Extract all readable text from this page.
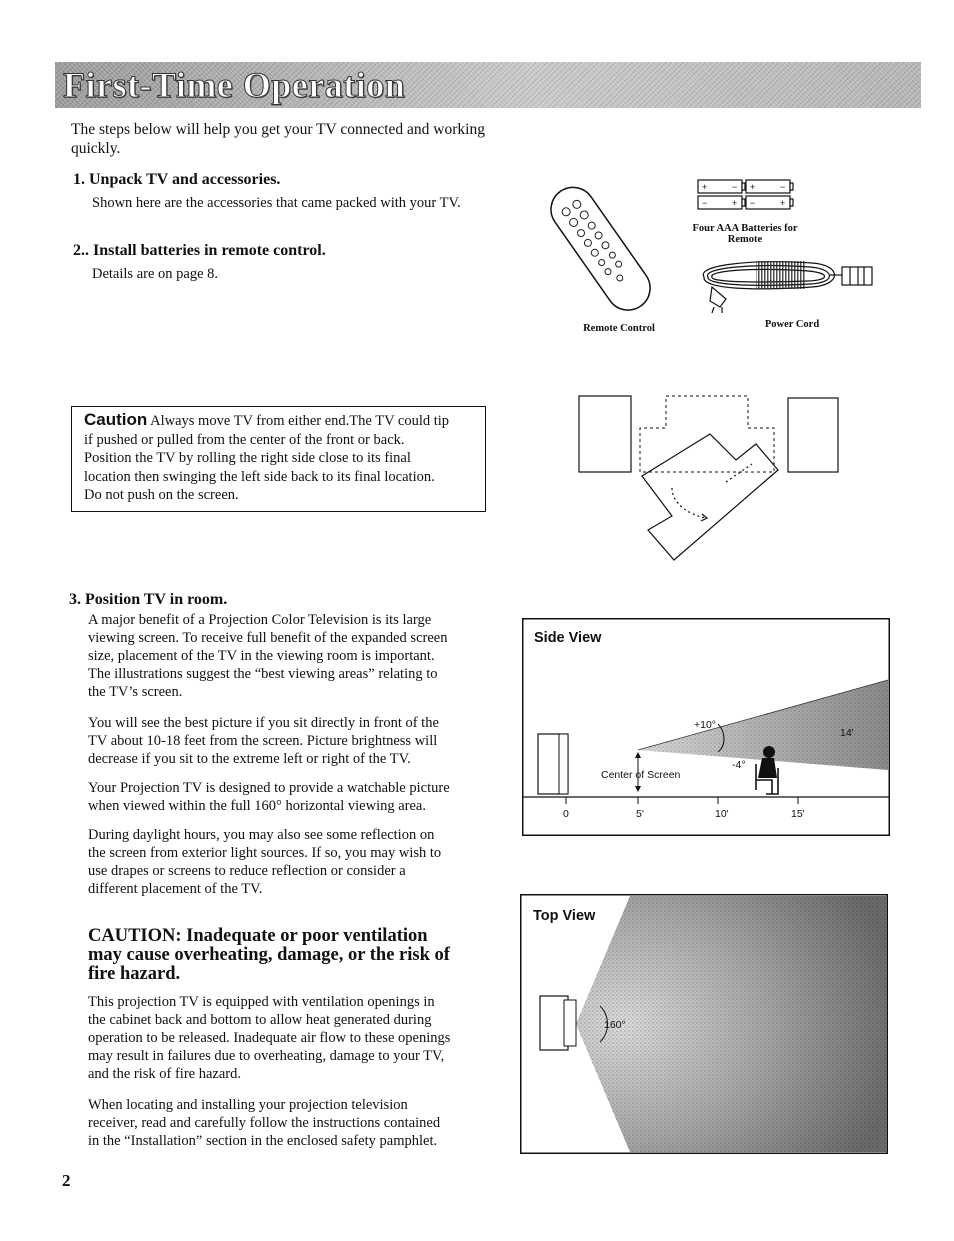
First-Time Operation
The steps below will help you get your TV connected and working quickly.
1. Unpack TV and accessories.
Shown here are the accessories that came packed with your TV.
2.. Install batteries in remote control.
Details are on page 8.
Remote Control
+	− +	−
−	+ −	+
Four AAA Batteries for
Remote
Power Cord
Caution Always move TV from either end.The TV could tip
if pushed or pulled from the center of the front or back.
Position the TV by rolling the right side close to its final
location then swinging the left side back to its final location.
Do not push on the screen.
3. Position TV in room.
A major benefit of a Projection Color Television is its large
viewing screen. To receive full benefit of the expanded screen
size, placement of the TV in the viewing room is important.
The illustrations suggest the “best viewing areas” relating to
the TV’s screen.
You will see the best picture if you sit directly in front of the
TV about 10-18 feet from the screen. Picture brightness will
decrease if you sit to the extreme left or right of the TV.
Your Projection TV is designed to provide a watchable picture
when viewed within the full 160° horizontal viewing area.
During daylight hours, you may also see some reflection on
the screen from exterior light sources. If so, you may wish to
use drapes or screens to reduce reflection or consider a
different placement of the TV.
CAUTION: Inadequate or poor ventilation
may cause overheating, damage, or the risk of
fire hazard.
This projection TV is equipped with ventilation openings in
the cabinet back and bottom to allow heat generated during
operation to be released. Inadequate air flow to these openings
may result in failures due to overheating, damage to your TV,
and the risk of fire hazard.
When locating and installing your projection television
receiver, read and carefully follow the instructions contained
in the “Installation” section in the enclosed safety pamphlet.
Side View
+10°
-4°
14'
Center of Screen
0	5'	10'	15'
Top View
160°
2
